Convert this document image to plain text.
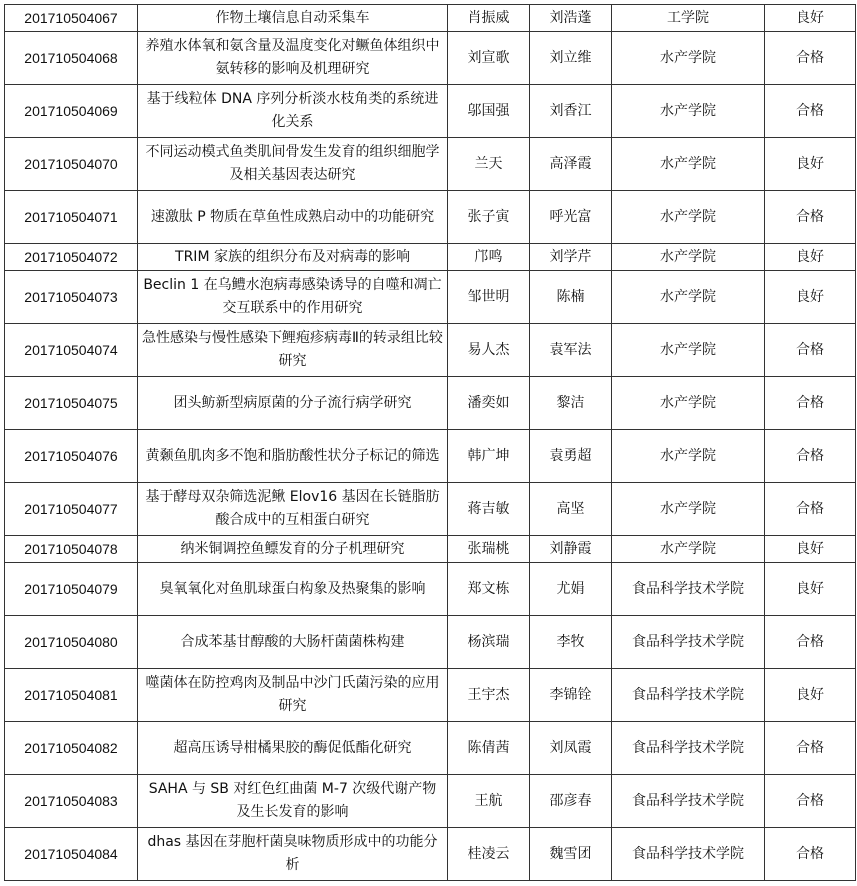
201710504067	作物土壤信息自动采集车	肖振威	刘浩蓬	工学院	良好
201710504068	养殖水体氧和氨含量及温度变化对鳜鱼体组织中氨转移的影响及机理研究	刘宣歌	刘立维	水产学院	合格
201710504069	基于线粒体 DNA 序列分析淡水枝角类的系统进化关系	邬国强	刘香江	水产学院	合格
201710504070	不同运动模式鱼类肌间骨发生发育的组织细胞学及相关基因表达研究	兰天	高泽霞	水产学院	良好
201710504071	速激肽 P 物质在草鱼性成熟启动中的功能研究	张子寅	呼光富	水产学院	合格
201710504072	TRIM 家族的组织分布及对病毒的影响	邝鸣	刘学芹	水产学院	良好
201710504073	Beclin 1 在乌鳢水泡病毒感染诱导的自噬和凋亡交互联系中的作用研究	邹世明	陈楠	水产学院	良好
201710504074	急性感染与慢性感染下鲤疱疹病毒Ⅱ的转录组比较研究	易人杰	袁军法	水产学院	合格
201710504075	团头鲂新型病原菌的分子流行病学研究	潘奕如	黎洁	水产学院	合格
201710504076	黄颡鱼肌肉多不饱和脂肪酸性状分子标记的筛选	韩广坤	袁勇超	水产学院	合格
201710504077	基于酵母双杂筛选泥鳅 Elov16 基因在长链脂肪酸合成中的互相蛋白研究	蒋吉敏	高坚	水产学院	合格
201710504078	纳米铜调控鱼鳔发育的分子机理研究	张瑞桃	刘静霞	水产学院	良好
201710504079	臭氧氧化对鱼肌球蛋白构象及热聚集的影响	郑文栋	尤娟	食品科学技术学院	良好
201710504080	合成苯基甘醇酸的大肠杆菌菌株构建	杨滨瑞	李牧	食品科学技术学院	合格
201710504081	噬菌体在防控鸡肉及制品中沙门氏菌污染的应用研究	王宇杰	李锦铨	食品科学技术学院	良好
201710504082	超高压诱导柑橘果胶的酶促低酯化研究	陈倩茜	刘凤霞	食品科学技术学院	合格
201710504083	SAHA 与 SB 对红色红曲菌 M-7 次级代谢产物及生长发育的影响	王航	邵彦春	食品科学技术学院	合格
201710504084	dhas 基因在芽胞杆菌臭味物质形成中的功能分析	桂凌云	魏雪团	食品科学技术学院	合格
